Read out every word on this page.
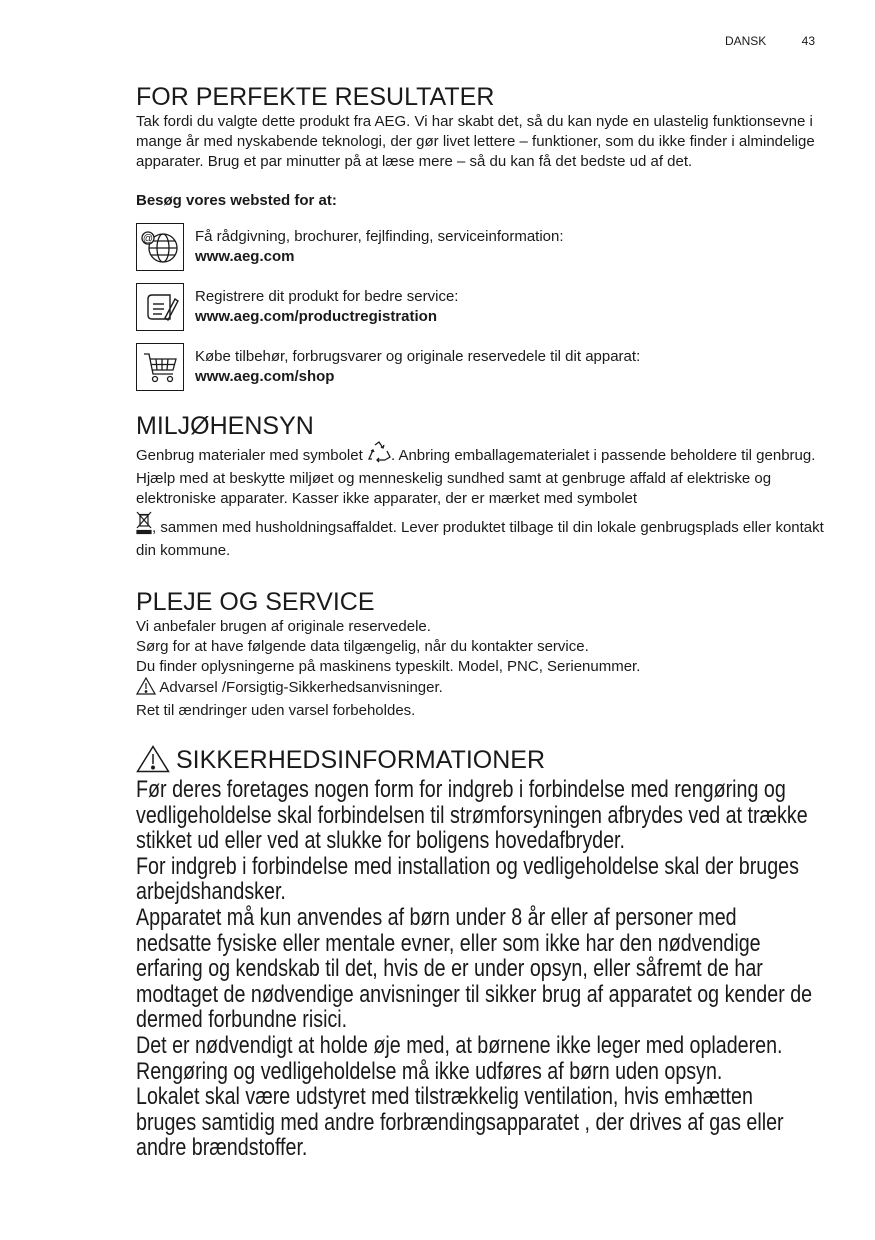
DANSK	43
FOR PERFEKTE RESULTATER

Tak fordi du valgte dette produkt fra AEG. Vi har skabt det, så du kan nyde en ulastelig funktionsevne i mange år med nyskabende teknologi, der gør livet lettere – funktioner, som du ikke finder i almindelige apparater. Brug et par minutter på at læse mere – så du kan få det bedste ud af det.

Besøg vores websted for at:
@	Få rådgivning, brochurer, fejlfinding, serviceinformation:
www.aeg.com
Registrere dit produkt for bedre service:
www.aeg.com/productregistration
Købe tilbehør, forbrugsvarer og originale reservedele til dit apparat:
www.aeg.com/shop
MILJØHENSYN

Genbrug materialer med symbolet . Anbring emballagematerialet i passende beholdere til genbrug.

Hjælp med at beskytte miljøet og menneskelig sundhed samt at genbruge affald af elektriske og elektroniske apparater. Kasser ikke apparater, der er mærket med symbolet

, sammen med husholdningsaffaldet. Lever produktet tilbage til din lokale genbrugsplads eller kontakt din kommune.

PLEJE OG SERVICE

Vi anbefaler brugen af originale reservedele.

Sørg for at have følgende data tilgængelig, når du kontakter service.

Du finder oplysningerne på maskinens typeskilt. Model, PNC, Serienummer.

Advarsel /Forsigtig-Sikkerhedsanvisninger.

Ret til ændringer uden varsel forbeholdes.

SIKKERHEDSINFORMATIONER
Før deres foretages nogen form for indgreb i forbindelse med rengøring og vedligeholdelse skal forbindelsen til strømforsyningen afbrydes ved at trække stikket ud eller ved at slukke for boligens hovedafbryder.
For indgreb i forbindelse med installation og vedligeholdelse skal der bruges arbejdshandsker.
Apparatet må kun anvendes af børn under 8 år eller af personer med nedsatte fysiske eller mentale evner, eller som ikke har den nødvendige erfaring og kendskab til det, hvis de er under opsyn, eller såfremt de har modtaget de nødvendige anvisninger til sikker brug af apparatet og kender de dermed forbundne risici.
Det er nødvendigt at holde øje med, at børnene ikke leger med opladeren.
Rengøring og vedligeholdelse må ikke udføres af børn uden opsyn.
Lokalet skal være udstyret med tilstrækkelig ventilation, hvis emhætten bruges samtidig med andre forbrændingsapparatet , der drives af gas eller andre brændstoffer.
